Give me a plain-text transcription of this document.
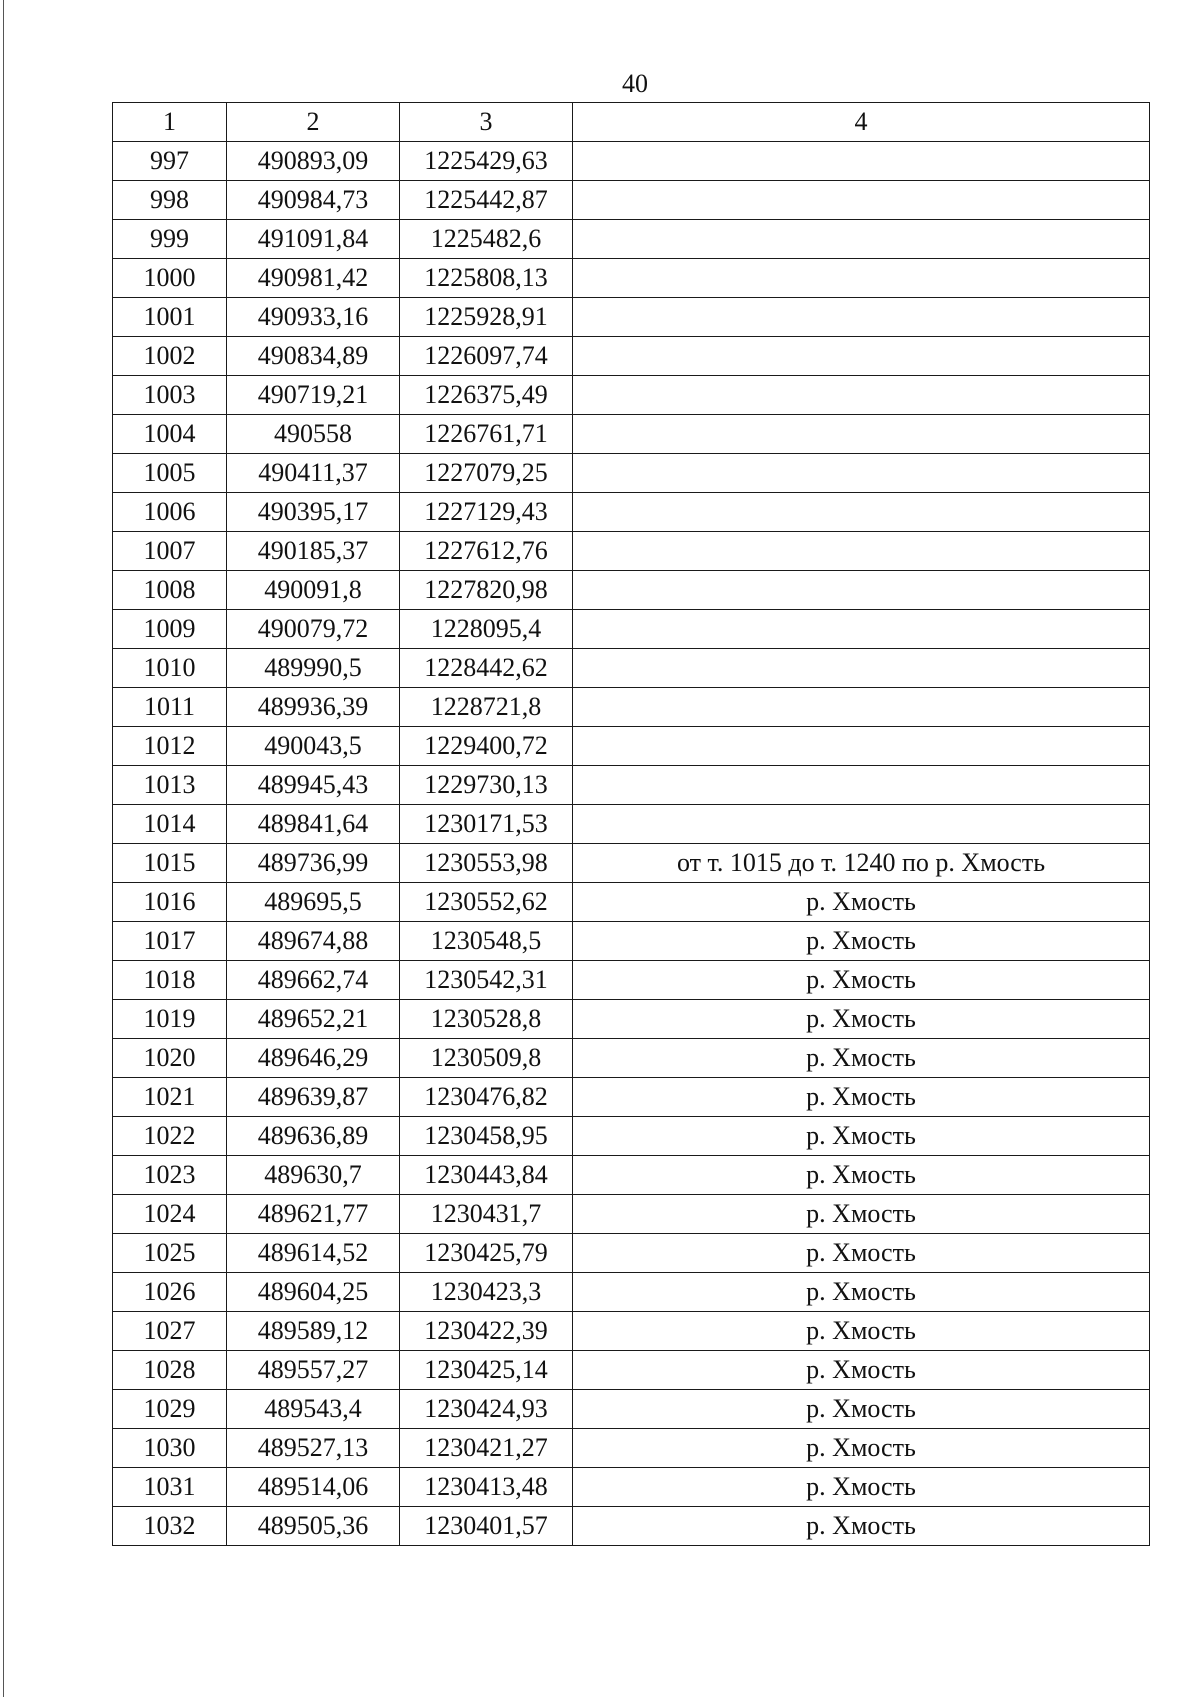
40
1	2	3	4
997	490893,09	1225429,63	
998	490984,73	1225442,87	
999	491091,84	1225482,6	
1000	490981,42	1225808,13	
1001	490933,16	1225928,91	
1002	490834,89	1226097,74	
1003	490719,21	1226375,49	
1004	490558	1226761,71	
1005	490411,37	1227079,25	
1006	490395,17	1227129,43	
1007	490185,37	1227612,76	
1008	490091,8	1227820,98	
1009	490079,72	1228095,4	
1010	489990,5	1228442,62	
1011	489936,39	1228721,8	
1012	490043,5	1229400,72	
1013	489945,43	1229730,13	
1014	489841,64	1230171,53	
1015	489736,99	1230553,98	от т. 1015 до т. 1240 по р. Хмость
1016	489695,5	1230552,62	р. Хмость
1017	489674,88	1230548,5	р. Хмость
1018	489662,74	1230542,31	р. Хмость
1019	489652,21	1230528,8	р. Хмость
1020	489646,29	1230509,8	р. Хмость
1021	489639,87	1230476,82	р. Хмость
1022	489636,89	1230458,95	р. Хмость
1023	489630,7	1230443,84	р. Хмость
1024	489621,77	1230431,7	р. Хмость
1025	489614,52	1230425,79	р. Хмость
1026	489604,25	1230423,3	р. Хмость
1027	489589,12	1230422,39	р. Хмость
1028	489557,27	1230425,14	р. Хмость
1029	489543,4	1230424,93	р. Хмость
1030	489527,13	1230421,27	р. Хмость
1031	489514,06	1230413,48	р. Хмость
1032	489505,36	1230401,57	р. Хмость
